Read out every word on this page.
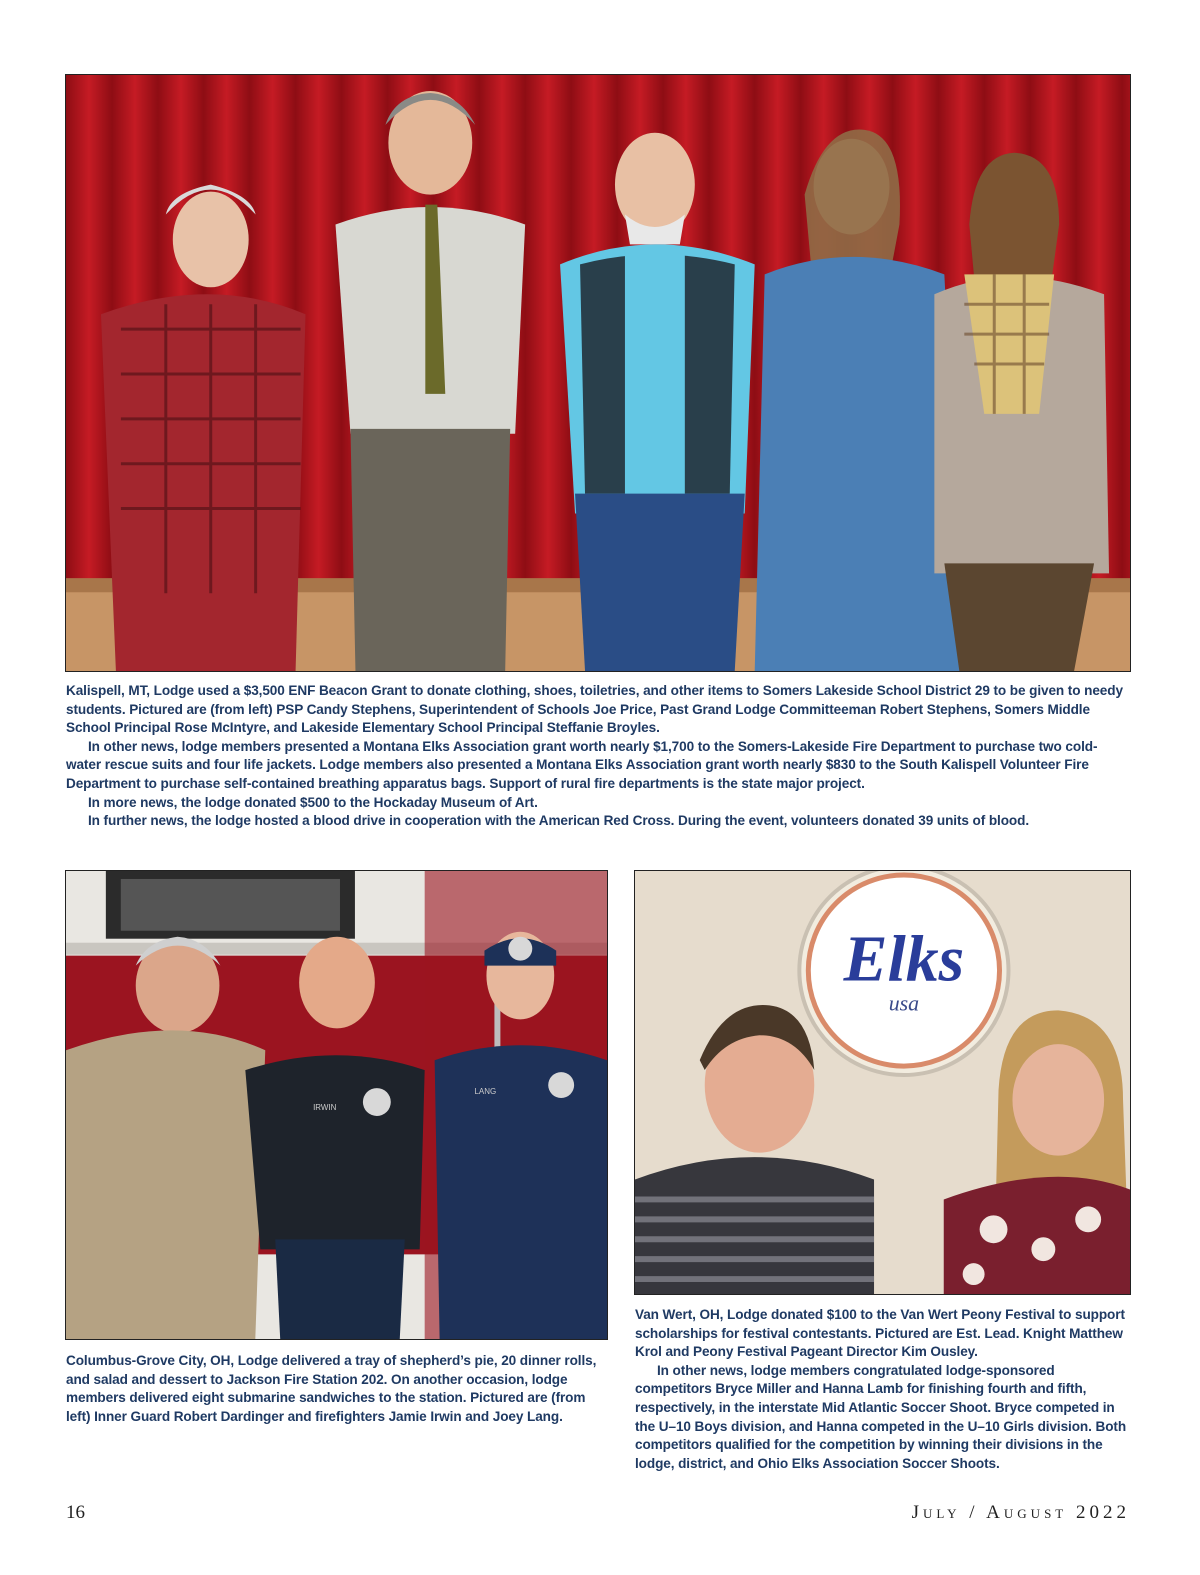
Kalispell, MT, Lodge used a $3,500 ENF Beacon Grant to donate clothing, shoes, toiletries, and other items to Somers Lakeside School District 29 to be given to needy students. Pictured are (from left) PSP Candy Stephens, Superintendent of Schools Joe Price, Past Grand Lodge Committeeman Robert Stephens, Somers Middle School Principal Rose McIntyre, and Lakeside Elementary School Principal Steffanie Broyles.

In other news, lodge members presented a Montana Elks Association grant worth nearly $1,700 to the Somers-Lakeside Fire Department to purchase two cold-water rescue suits and four life jackets. Lodge members also presented a Montana Elks Association grant worth nearly $830 to the South Kalispell Volunteer Fire Department to purchase self-contained breathing apparatus bags. Support of rural fire departments is the state major project.

In more news, the lodge donated $500 to the Hockaday Museum of Art.

In further news, the lodge hosted a blood drive in cooperation with the American Red Cross. During the event, volunteers donated 39 units of blood.

IRWIN
LANG

Columbus-Grove City, OH, Lodge delivered a tray of shepherd’s pie, 20 dinner rolls, and salad and dessert to Jackson Fire Station 202. On another occasion, lodge members delivered eight submarine sandwiches to the station. Pictured are (from left) Inner Guard Robert Dardinger and firefighters Jamie Irwin and Joey Lang.

Elks
usa

Van Wert, OH, Lodge donated $100 to the Van Wert Peony Festival to support scholarships for festival contestants. Pictured are Est. Lead. Knight Matthew Krol and Peony Festival Pageant Director Kim Ousley.

In other news, lodge members congratulated lodge-sponsored competitors Bryce Miller and Hanna Lamb for finishing fourth and fifth, respectively, in the interstate Mid Atlantic Soccer Shoot. Bryce competed in the U–10 Boys division, and Hanna competed in the U–10 Girls division. Both competitors qualified for the competition by winning their divisions in the lodge, district, and Ohio Elks Association Soccer Shoots.

16	July / August 2022
